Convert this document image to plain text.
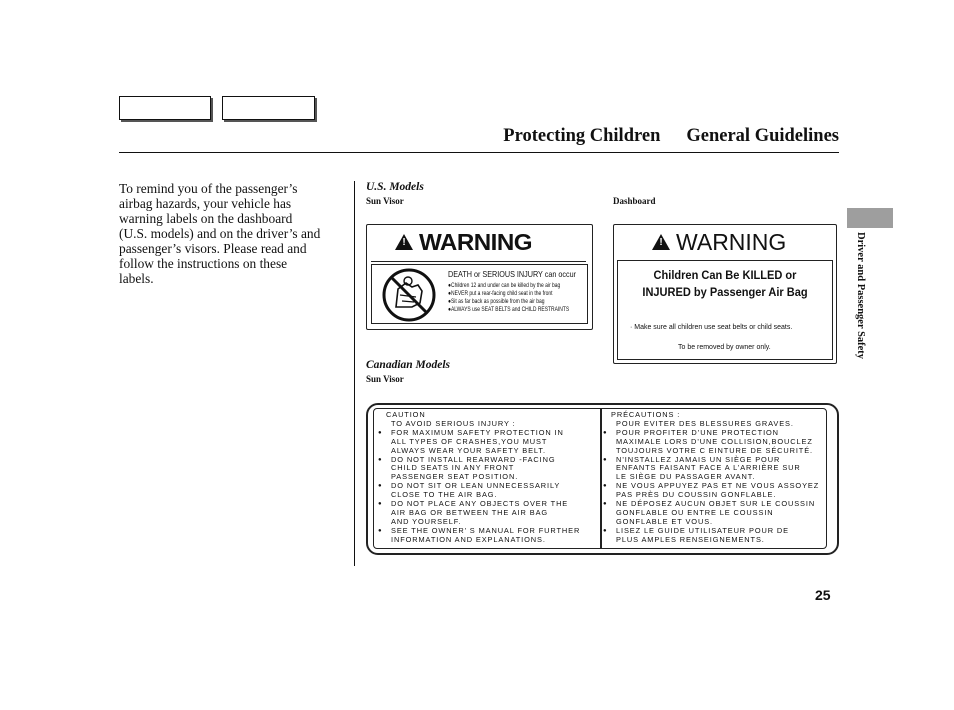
Protecting Children General Guidelines
To remind you of the passenger’s
airbag hazards, your vehicle has
warning labels on the dashboard
(U.S. models) and on the driver’s and
passenger’s visors. Please read and
follow the instructions on these
labels.
U.S. Models
Sun Visor	Dashboard
! WARNING
DEATH or SERIOUS INJURY can occur
●Children 12 and under can be killed by the air bag
●NEVER put a rear-facing child seat in the front
●Sit as far back as possible from the air bag
●ALWAYS use SEAT BELTS and CHILD RESTRAINTS
! WARNING
Children Can Be KILLED or
INJURED by Passenger Air Bag
· Make sure all children use seat belts or child seats.
To be removed by owner only.
Canadian Models
Sun Visor
CAUTION
TO AVOID SERIOUS INJURY :
● FOR MAXIMUM SAFETY PROTECTION IN
ALL TYPES OF CRASHES,YOU MUST
ALWAYS WEAR YOUR SAFETY BELT.
● DO NOT INSTALL REARWARD -FACING
CHILD SEATS IN ANY FRONT
PASSENGER SEAT POSITION.
● DO NOT SIT OR LEAN UNNECESSARILY
CLOSE TO THE AIR BAG.
● DO NOT PLACE ANY OBJECTS OVER THE
AIR BAG OR BETWEEN THE AIR BAG
AND YOURSELF.
● SEE THE OWNER’ S MANUAL FOR FURTHER
INFORMATION AND EXPLANATIONS.
PRÉCAUTIONS :
POUR EVITER DES BLESSURES GRAVES.
● POUR PROFITER D’UNE PROTECTION
MAXIMALE LORS D’UNE COLLISION,BOUCLEZ
TOUJOURS VOTRE C EINTURE DE SÉCURITÉ.
● N’INSTALLEZ JAMAIS UN SIÈGE POUR
ENFANTS FAISANT FACE A L’ARRIÈRE SUR
LE SIÈGE DU PASSAGER AVANT.
● NE VOUS APPUYEZ PAS ET NE VOUS ASSOYEZ
PAS PRÈS DU COUSSIN GONFLABLE.
● NE DÉPOSEZ AUCUN OBJET SUR LE COUSSIN
GONFLABLE OU ENTRE LE COUSSIN
GONFLABLE ET VOUS.
● LISEZ LE GUIDE UTILISATEUR POUR DE
PLUS AMPLES RENSEIGNEMENTS.
Driver and Passenger Safety
25
